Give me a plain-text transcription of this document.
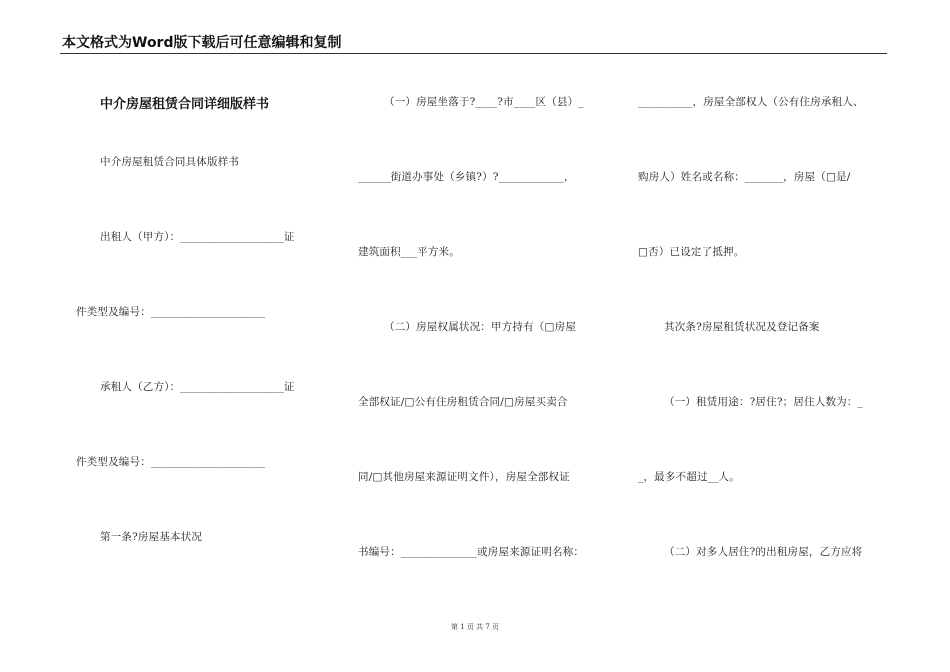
本文格式为Word版下载后可任意编辑和复制
中介房屋租赁合同详细版样书
中介房屋租赁合同具体版样书
出租人（甲方）：___________________证
件类型及编号：_____________________
承租人（乙方）：___________________证
件类型及编号：_____________________
第一条?房屋基本状况
（一）房屋坐落于?____?市____区（县）_
______街道办事处（乡镇?）?____________，
建筑面积___平方米。
（二）房屋权属状况：甲方持有（□房屋
全部权证/□公有住房租赁合同/□房屋买卖合
同/□其他房屋来源证明文件），房屋全部权证
书编号：______________或房屋来源证明名称：
__________，房屋全部权人（公有住房承租人、
购房人）姓名或名称：_______，房屋（□是/
□否）已设定了抵押。
其次条?房屋租赁状况及登记备案
（一）租赁用途：?居住?；居住人数为：_
_，最多不超过__人。
（二）对多人居住?的出租房屋，乙方应将
第 1 页 共 7 页
